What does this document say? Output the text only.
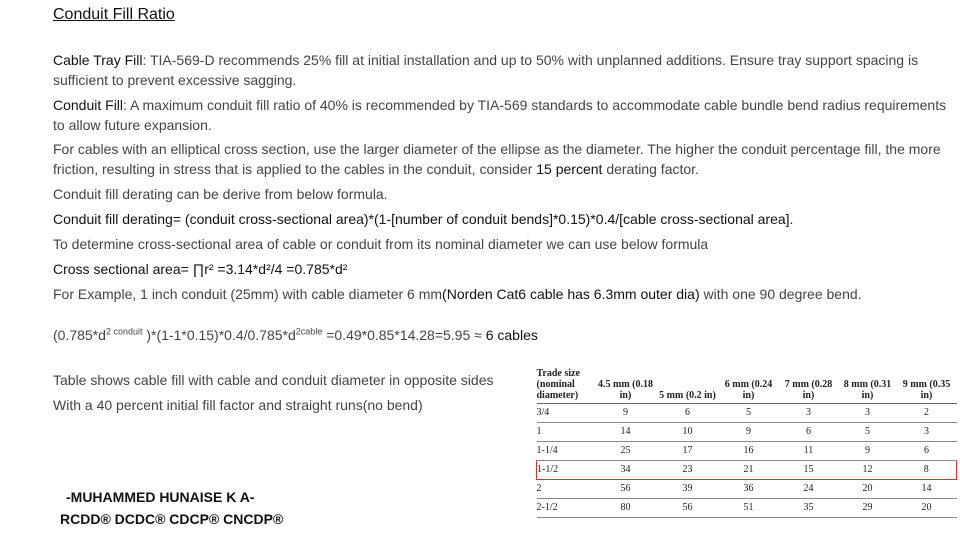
Conduit Fill Ratio
Cable Tray Fill: TIA-569-D recommends 25% fill at initial installation and up to 50% with unplanned additions. Ensure tray support spacing is sufficient to prevent excessive sagging.
Conduit Fill: A maximum conduit fill ratio of 40% is recommended by TIA-569 standards to accommodate cable bundle bend radius requirements to allow future expansion.
For cables with an elliptical cross section, use the larger diameter of the ellipse as the diameter. The higher the conduit percentage fill, the more friction, resulting in stress that is applied to the cables in the conduit, consider 15 percent derating factor.
Conduit fill derating can be derive from below formula.
Conduit fill derating= (conduit cross-sectional area)*(1-[number of conduit bends]*0.15)*0.4/[cable cross-sectional area].
To determine cross-sectional area of cable or conduit from its nominal diameter we can use below formula
Cross sectional area= ∏r² =3.14*d²/4 =0.785*d²
For Example, 1 inch conduit (25mm) with cable diameter 6 mm(Norden Cat6 cable has 6.3mm outer dia) with one 90 degree bend.
($0.785*d^{2 conduit}$ )$*(1-1*0.15)*0.4/0.785*d^{2cable} =0.49*0.85*14.28=5.95 \approx 6$ cables
Table shows cable fill with cable and conduit diameter in opposite sides
With a 40 percent initial fill factor and straight runs(no bend)
-MUHAMMED HUNAISE K A-
RCDD® DCDC® CDCP® CNCDP®
Trade size (nominal diameter)	4.5 mm (0.18 in)	5 mm (0.2 in)	6 mm (0.24 in)	7 mm (0.28 in)	8 mm (0.31 in)	9 mm (0.35 in)
3/4	9	6	5	3	3	2
1	14	10	9	6	5	3
1-1/4	25	17	16	11	9	6
1-1/2	34	23	21	15	12	8
2	56	39	36	24	20	14
2-1/2	80	56	51	35	29	20
